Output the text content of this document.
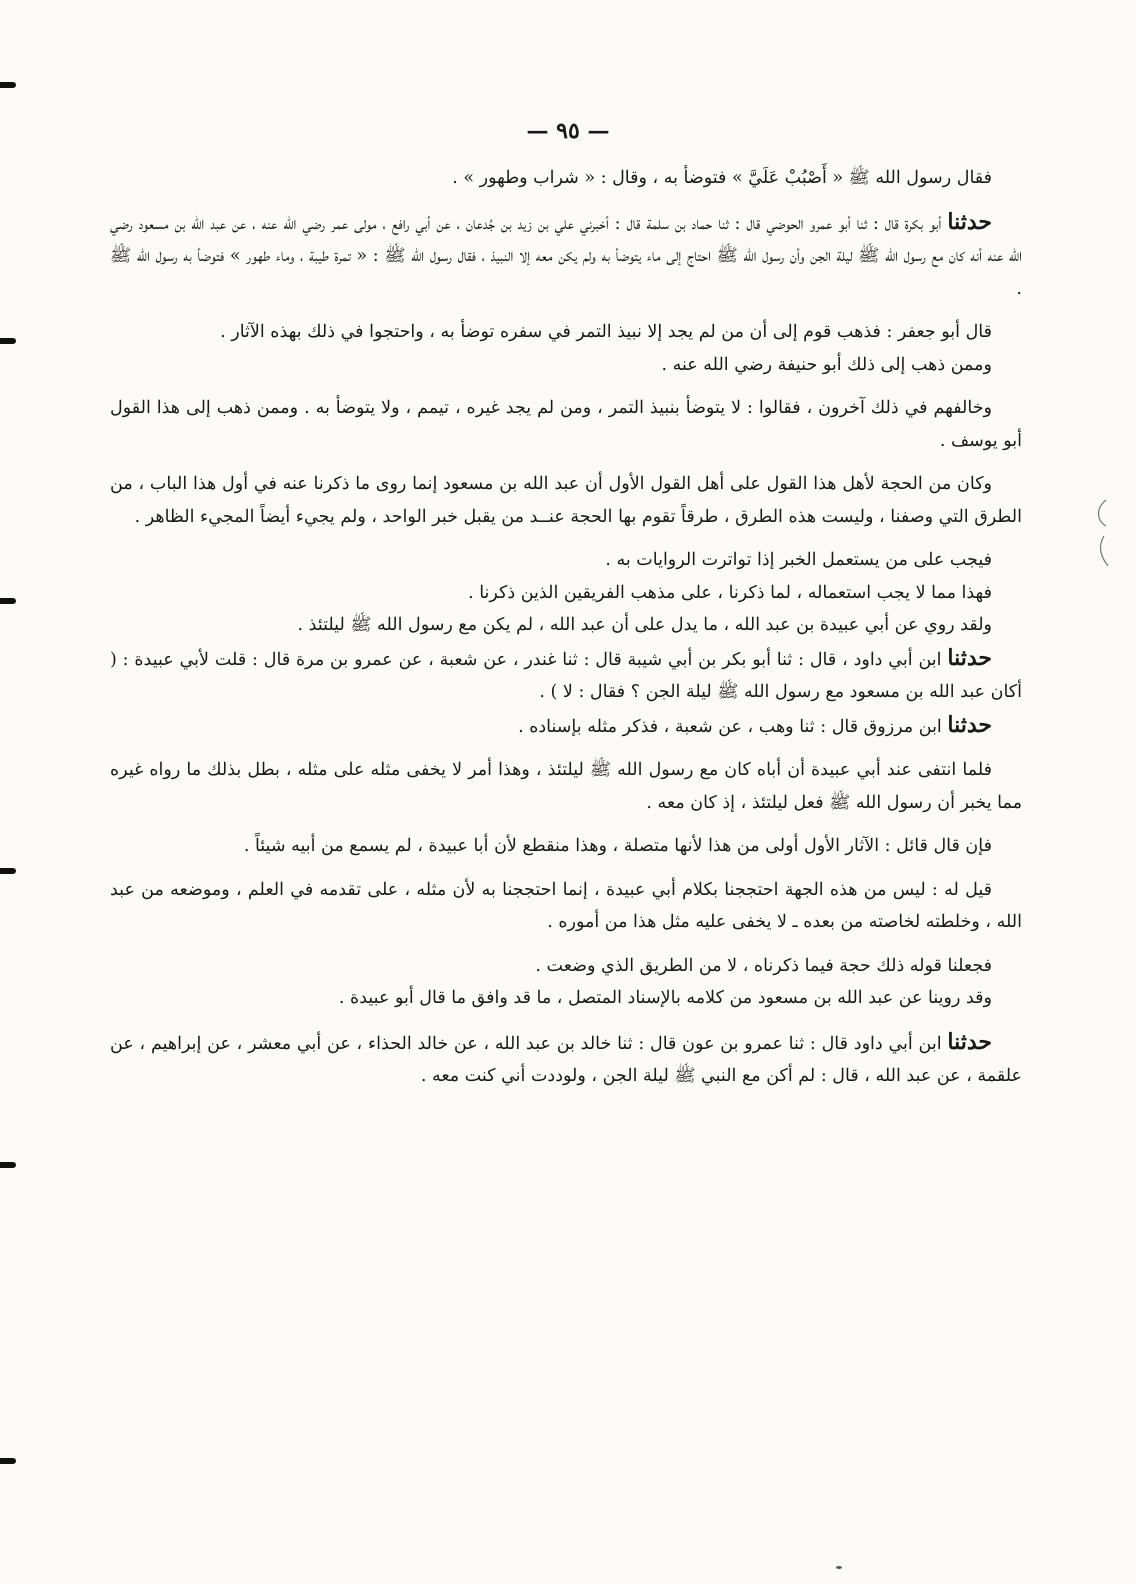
— ٩٥ —

فقال رسول الله ﷺ « أَصْبُبْ عَلَيَّ » فتوضأ به ، وقال : « شراب وطهور » .

حدثنا أبو بكرة قال : ثنا أبو عمرو الحوضي قال : ثنا حماد بن سلمة قال : أخبرني علي بن زيد بن جُدعان ، عن أبي رافع ، مولى عمر رضي الله عنه ، عن عبد الله بن مسعود رضي الله عنه أنه كان مع رسول الله ﷺ ليلة الجن وأن رسول الله ﷺ احتاج إلى ماء يتوضأ به ولم يكن معه إلا النبيذ ، فقال رسول الله ﷺ : « تمرة طيبة ، وماء طهور » فتوضأ به رسول الله ﷺ .

قال أبو جعفر : فذهب قوم إلى أن من لم يجد إلا نبيذ التمر في سفره توضأ به ، واحتجوا في ذلك بهذه الآثار .

وممن ذهب إلى ذلك أبو حنيفة رضي الله عنه .

وخالفهم في ذلك آخرون ، فقالوا : لا يتوضأ بنبيذ التمر ، ومن لم يجد غيره ، تيمم ، ولا يتوضأ به . وممن ذهب إلى هذا القول أبو يوسف .

وكان من الحجة لأهل هذا القول على أهل القول الأول أن عبد الله بن مسعود إنما روى ما ذكرنا عنه في أول هذا الباب ، من الطرق التي وصفنا ، وليست هذه الطرق ، طرقاً تقوم بها الحجة عنــد من يقبل خبر الواحد ، ولم يجيء أيضاً المجيء الظاهر .

فيجب على من يستعمل الخبر إذا تواترت الروايات به .

فهذا مما لا يجب استعماله ، لما ذكرنا ، على مذهب الفريقين الذين ذكرنا .

ولقد روي عن أبي عبيدة بن عبد الله ، ما يدل على أن عبد الله ، لم يكن مع رسول الله ﷺ ليلتئذ .

حدثنا ابن أبي داود ، قال : ثنا أبو بكر بن أبي شيبة قال : ثنا غندر ، عن شعبة ، عن عمرو بن مرة قال : قلت لأبي عبيدة : ( أكان عبد الله بن مسعود مع رسول الله ﷺ ليلة الجن ؟ فقال : لا ) .

حدثنا ابن مرزوق قال : ثنا وهب ، عن شعبة ، فذكر مثله بإسناده .

فلما انتفى عند أبي عبيدة أن أباه كان مع رسول الله ﷺ ليلتئذ ، وهذا أمر لا يخفى مثله على مثله ، بطل بذلك ما رواه غيره مما يخبر أن رسول الله ﷺ فعل ليلتئذ ، إذ كان معه .

فإن قال قائل : الآثار الأول أولى من هذا لأنها متصلة ، وهذا منقطع لأن أبا عبيدة ، لم يسمع من أبيه شيئاً .

قيل له : ليس من هذه الجهة احتججنا بكلام أبي عبيدة ، إنما احتججنا به لأن مثله ، على تقدمه في العلم ، وموضعه من عبد الله ، وخلطته لخاصته من بعده ـ لا يخفى عليه مثل هذا من أموره .

فجعلنا قوله ذلك حجة فيما ذكرناه ، لا من الطريق الذي وضعت .

وقد روينا عن عبد الله بن مسعود من كلامه بالإسناد المتصل ، ما قد وافق ما قال أبو عبيدة .

حدثنا ابن أبي داود قال : ثنا عمرو بن عون قال : ثنا خالد بن عبد الله ، عن خالد الحذاء ، عن أبي معشر ، عن إبراهيم ، عن علقمة ، عن عبد الله ، قال : لم أكن مع النبي ﷺ ليلة الجن ، ولوددت أني كنت معه .
